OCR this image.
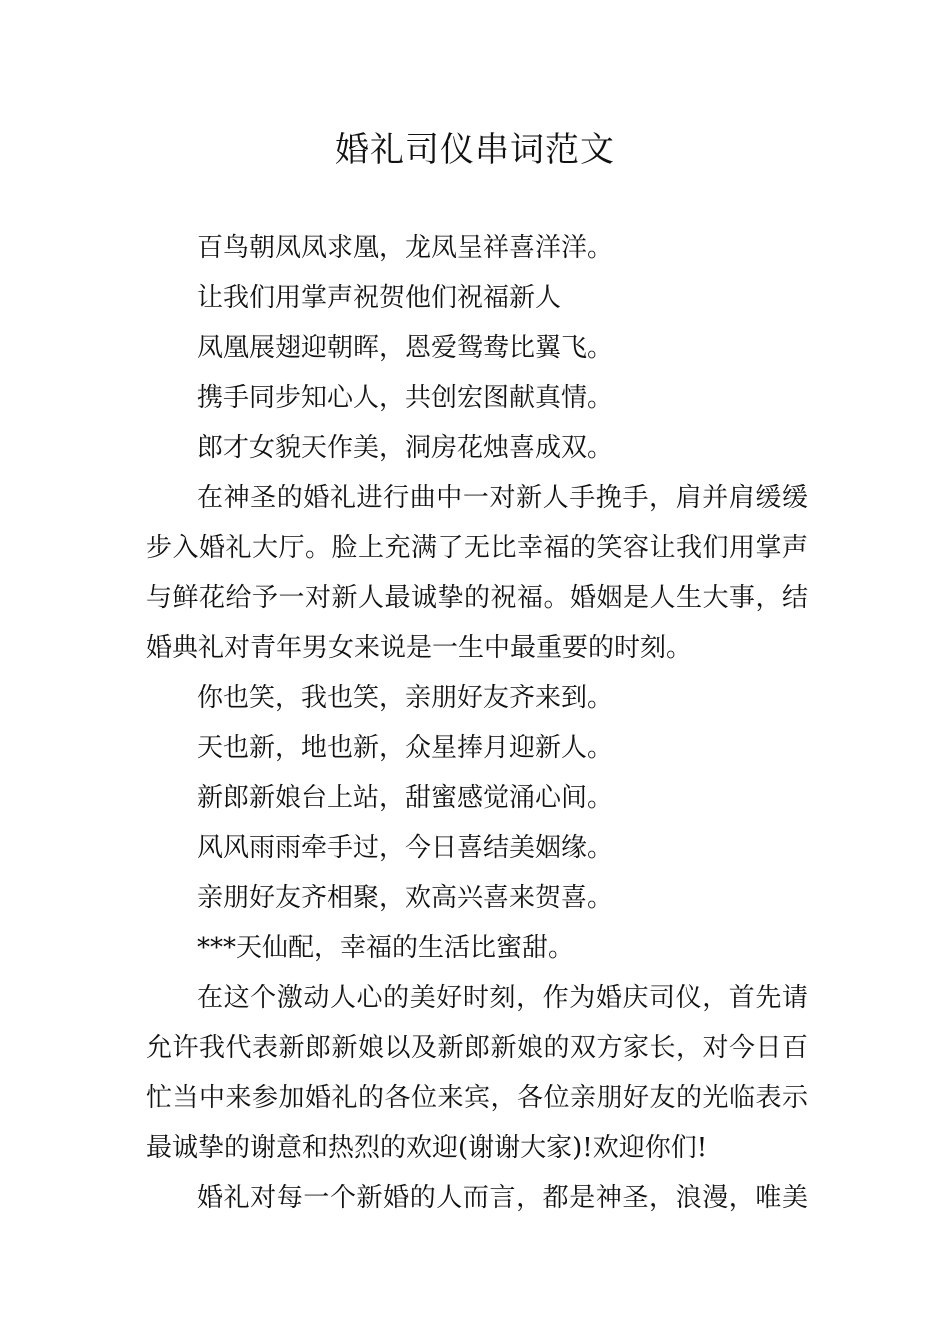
婚礼司仪串词范文
百鸟朝凤凤求凰，龙凤呈祥喜洋洋。
让我们用掌声祝贺他们祝福新人
凤凰展翅迎朝晖，恩爱鸳鸯比翼飞。
携手同步知心人，共创宏图献真情。
郎才女貌天作美，洞房花烛喜成双。
在神圣的婚礼进行曲中一对新人手挽手，肩并肩缓缓
步入婚礼大厅。脸上充满了无比幸福的笑容让我们用掌声
与鲜花给予一对新人最诚挚的祝福。婚姻是人生大事，结
婚典礼对青年男女来说是一生中最重要的时刻。
你也笑，我也笑，亲朋好友齐来到。
天也新，地也新，众星捧月迎新人。
新郎新娘台上站，甜蜜感觉涌心间。
风风雨雨牵手过，今日喜结美姻缘。
亲朋好友齐相聚，欢高兴喜来贺喜。
***天仙配，幸福的生活比蜜甜。
在这个激动人心的美好时刻，作为婚庆司仪，首先请
允许我代表新郎新娘以及新郎新娘的双方家长，对今日百
忙当中来参加婚礼的各位来宾，各位亲朋好友的光临表示
最诚挚的谢意和热烈的欢迎(谢谢大家)!欢迎你们!
婚礼对每一个新婚的人而言，都是神圣，浪漫，唯美
